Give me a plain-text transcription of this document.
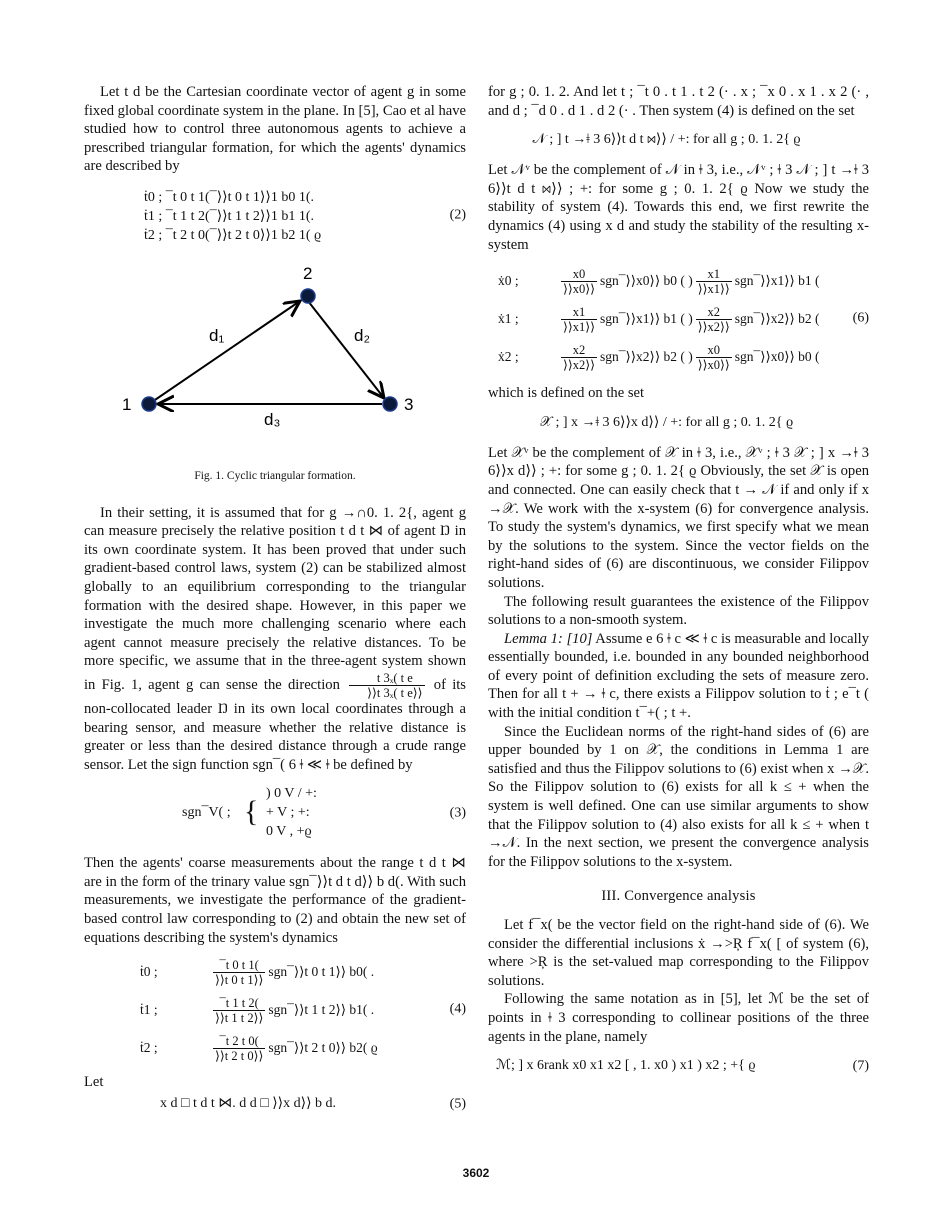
Let t d be the Cartesian coordinate vector of agent g in some fixed global coordinate system in the plane. In [5], Cao et al have studied how to control three autonomous agents to achieve a prescribed triangular formation, for which the agents' dynamics are described by

ṫ0 ; ¯t 0 t 1(¯⟩⟩t 0 t 1⟩⟩1 b0 1(.
ṫ1 ; ¯t 1 t 2(¯⟩⟩t 1 t 2⟩⟩1 b1 1(.
ṫ2 ; ¯t 2 t 0(¯⟩⟩t 2 t 0⟩⟩1 b2 1( ϱ
(2)
1
2
3
d₁	d₂
d₃
Fig. 1. Cyclic triangular formation.

In their setting, it is assumed that for g →∩0. 1. 2{, agent g can measure precisely the relative position t d t ⋈ of agent Ŋ in its own coordinate system. It has been proved that under such gradient-based control laws, system (2) can be stabilized almost globally to an equilibrium corresponding to the triangular formation with the desired shape. However, in this paper we investigate the much more challenging scenario where each agent cannot measure precisely the relative distances. To be more specific, we assume that in the three-agent system shown in Fig. 1, agent g can sense the direction $\frac{\text{t 3ₓ( t e}}{\text{⟩⟩t 3ₓ( t e⟩⟩}}$ of its non-collocated leader Ŋ in its own local coordinates through a bearing sensor, and measure whether the relative distance is greater or less than the desired distance through a crude range sensor. Let the sign function sgn¯( 6 ǂ ≪ ǂ be defined by

sgn¯V( ; {
) 0 V / +:
+ V ; +:
0 V , +ϱ
(3)

Then the agents' coarse measurements about the range t d t ⋈ are in the form of the trinary value sgn¯⟩⟩t d t d⟩⟩ b d(. With such measurements, we investigate the performance of the gradient-based control law corresponding to (2) and obtain the new set of equations describing the system's dynamics

ṫ0 ;	$\frac{¯t 0 t 1(}{⟩⟩t 0 t 1⟩⟩}$ sgn¯⟩⟩t 0 t 1⟩⟩ b0( .
ṫ1 ;	$\frac{¯t 1 t 2(}{⟩⟩t 1 t 2⟩⟩}$ sgn¯⟩⟩t 1 t 2⟩⟩ b1( .
ṫ2 ;	$\frac{¯t 2 t 0(}{⟩⟩t 2 t 0⟩⟩}$ sgn¯⟩⟩t 2 t 0⟩⟩ b2( ϱ
(4)

Let

x d □ t d t ⋈. d d □ ⟩⟩x d⟩⟩ b d.	(5)

for g ; 0. 1. 2. And let t ; ¯t 0 . t 1 . t 2 (· . x ; ¯x 0 . x 1 . x 2 (· , and d ; ¯d 0 . d 1 . d 2 (· . Then system (4) is defined on the set

𝒩 ; ] t →ǂ 3 6⟩⟩t d t ⋈⟩⟩ / +: for all g ; 0. 1. 2{ ϱ

Let 𝒩ᵛ be the complement of 𝒩 in ǂ 3, i.e., 𝒩ᵛ ; ǂ 3 𝒩 ; ] t →ǂ 3 6⟩⟩t d t ⋈⟩⟩ ; +: for some g ; 0. 1. 2{ ϱ Now we study the stability of system (4). Towards this end, we first rewrite the dynamics (4) using x d and study the stability of the resulting x-system

ẋ0 ;	$\frac{x0}{⟩⟩x0⟩⟩}$ sgn¯⟩⟩x0⟩⟩ b0 ( ) $\frac{x1}{⟩⟩x1⟩⟩}$ sgn¯⟩⟩x1⟩⟩ b1 (
ẋ1 ;	$\frac{x1}{⟩⟩x1⟩⟩}$ sgn¯⟩⟩x1⟩⟩ b1 ( ) $\frac{x2}{⟩⟩x2⟩⟩}$ sgn¯⟩⟩x2⟩⟩ b2 (
ẋ2 ;	$\frac{x2}{⟩⟩x2⟩⟩}$ sgn¯⟩⟩x2⟩⟩ b2 ( ) $\frac{x0}{⟩⟩x0⟩⟩}$ sgn¯⟩⟩x0⟩⟩ b0 (
(6)

which is defined on the set

𝒳 ; ] x →ǂ 3 6⟩⟩x d⟩⟩ / +: for all g ; 0. 1. 2{ ϱ

Let 𝒳ᵛ be the complement of 𝒳 in ǂ 3, i.e., 𝒳ᵛ ; ǂ 3 𝒳 ; ] x →ǂ 3 6⟩⟩x d⟩⟩ ; +: for some g ; 0. 1. 2{ ϱ Obviously, the set 𝒳 is open and connected. One can easily check that t → 𝒩 if and only if x →𝒳. We work with the x-system (6) for convergence analysis. To study the system's dynamics, we first specify what we mean by the solutions to the system. Since the vector fields on the right-hand sides of (6) are discontinuous, we consider Filippov solutions.

The following result guarantees the existence of the Filippov solutions to a non-smooth system.

Lemma 1: [10] Assume e 6 ǂ c ≪ ǂ c is measurable and locally essentially bounded, i.e. bounded in any bounded neighborhood of every point of definition excluding the sets of measure zero. Then for all t + → ǂ c, there exists a Filippov solution to ṫ ; e¯t ( with the initial condition t¯+( ; t +.

Since the Euclidean norms of the right-hand sides of (6) are upper bounded by 1 on 𝒳, the conditions in Lemma 1 are satisfied and thus the Filippov solutions to (6) exist when x →𝒳. So the Filippov solution to (6) exists for all k ≤ + when the system is well defined. One can use similar arguments to show that the Filippov solution to (4) also exists for all k ≤ + when t →𝒩. In the next section, we present the convergence analysis for the Filippov solutions to the x-system.

III. Convergence analysis

Let f¯x( be the vector field on the right-hand side of (6). We consider the differential inclusions ẋ →>Ŗ f¯x( [ of system (6), where >Ŗ is the set-valued map corresponding to the Filippov solutions.

Following the same notation as in [5], let ℳ be the set of points in ǂ 3 corresponding to collinear positions of the three agents in the plane, namely

ℳ; ] x 6rank x0 x1 x2 [ , 1. x0 ) x1 ) x2 ; +{ ϱ	(7)
3602
